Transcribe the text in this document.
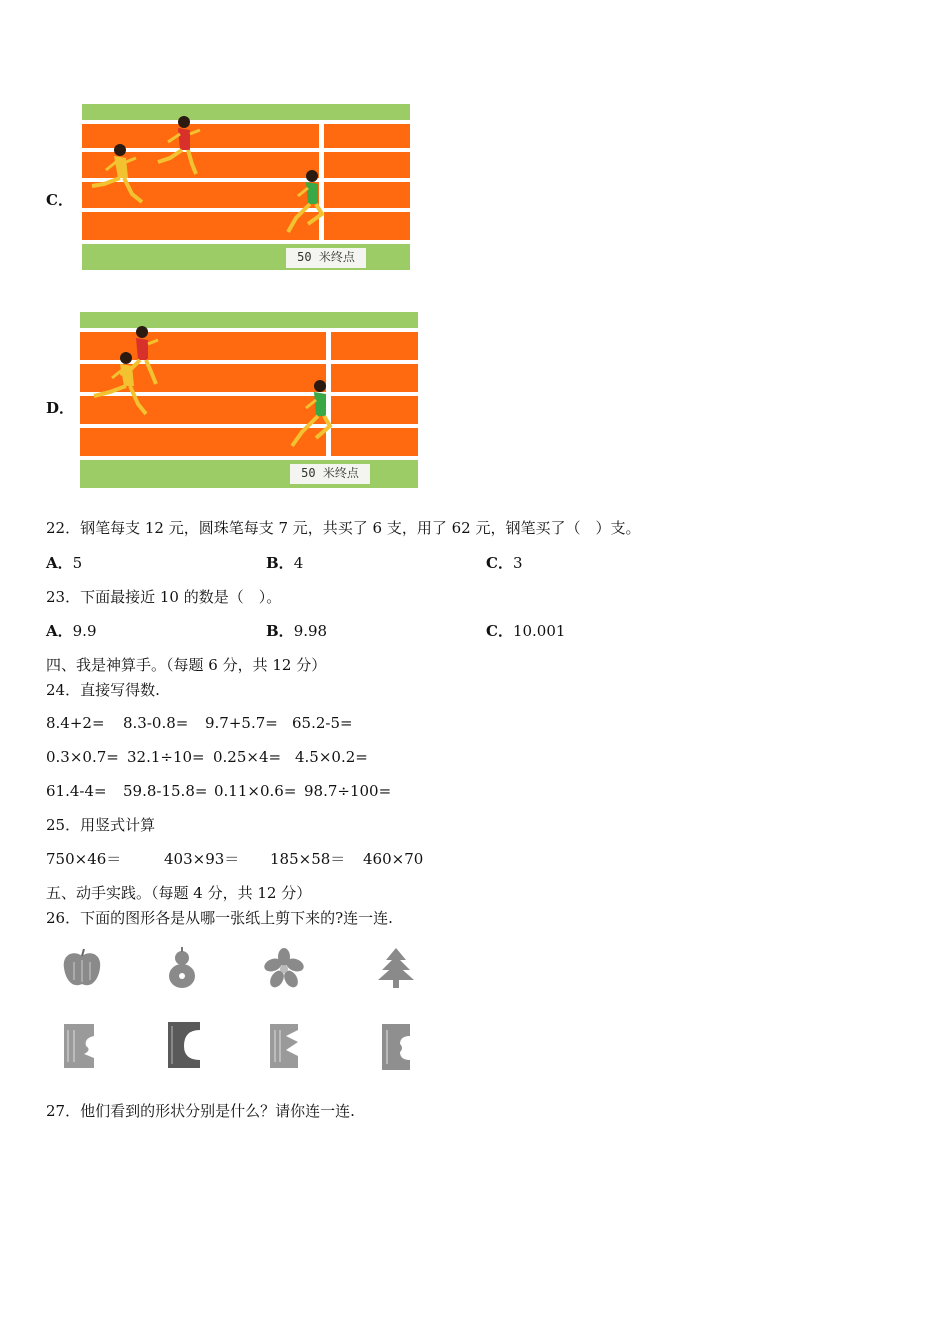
C．
50 米终点
D．
50 米终点
22．钢笔每支 12 元，圆珠笔每支 7 元，共买了 6 支，用了 62 元，钢笔买了（　）支。
A．5	B．4	C．3
23．下面最接近 10 的数是（　）。
A．9.9	B．9.98	C．10.001
四、我是神算手。（每题 6 分，共 12 分）
24．直接写得数.
8.4+2= 8.3-0.8= 9.7+5.7= 65.2-5=
0.3×0.7= 32.1÷10= 0.25×4= 4.5×0.2=
61.4-4= 59.8-15.8= 0.11×0.6= 98.7÷100=
25．用竖式计算
750×46＝	403×93＝ 185×58＝ 460×70
五、动手实践。（每题 4 分，共 12 分）
26．下面的图形各是从哪一张纸上剪下来的?连一连.
27．他们看到的形状分别是什么？请你连一连.
